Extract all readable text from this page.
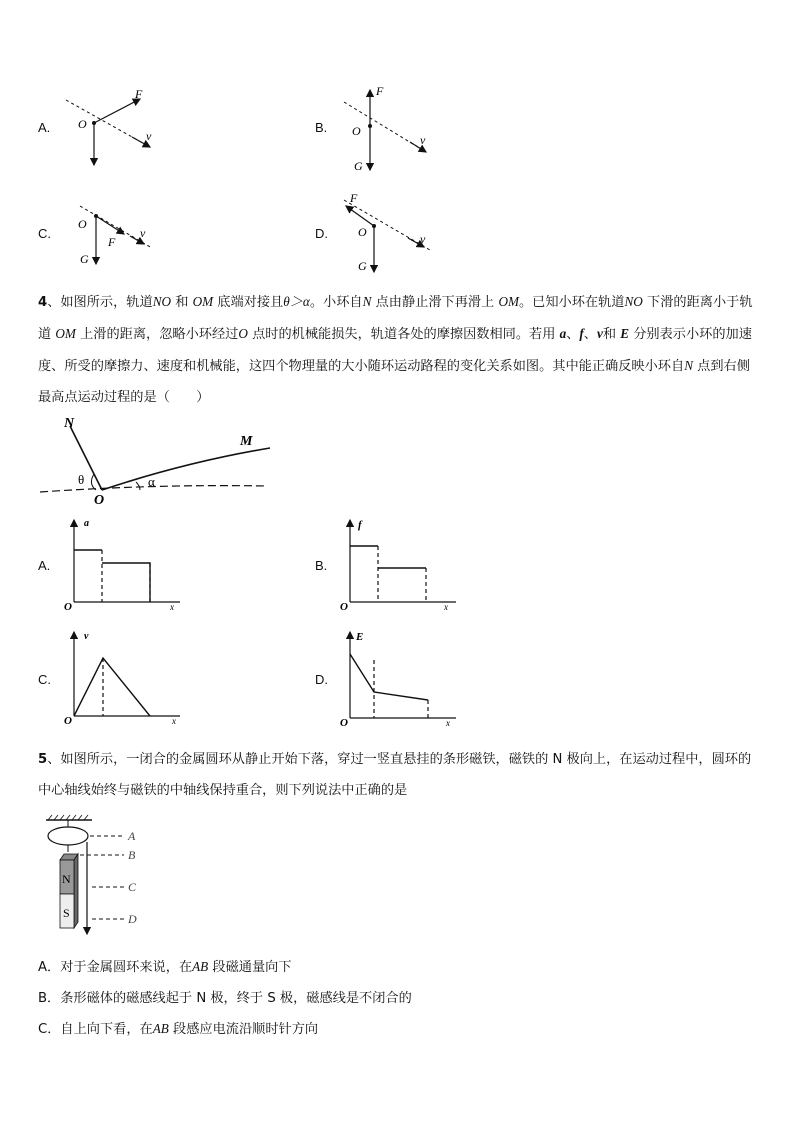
A.
F
O
v
B.
F
O
v
G
C.
O
v
F
G
D.
F
O	v
G
4、如图所示，轨道NO 和 OM 底端对接且θ＞α。小环自N 点由静止滑下再滑上 OM。已知小环在轨道NO 下滑的距离小于轨道 OM 上滑的距离，忽略小环经过O 点时的机械能损失，轨道各处的摩擦因数相同。若用 a、f、v和 E 分别表示小环的加速度、所受的摩擦力、速度和机械能，这四个物理量的大小随环运动路程的变化关系如图。其中能正确反映小环自N 点到右侧最高点运动过程的是（　　）
N
M
O
θ	α
A.
a
O	x
B.
f
O	x
C.
v
O	x
D.
E
O	x
5、如图所示，一闭合的金属圆环从静止开始下落，穿过一竖直悬挂的条形磁铁，磁铁的 N 极向上，在运动过程中，圆环的中心轴线始终与磁铁的中轴线保持重合，则下列说法中正确的是
N
S
A
B
C
D
A．对于金属圆环来说，在AB 段磁通量向下
B．条形磁体的磁感线起于 N 极，终于 S 极，磁感线是不闭合的
C．自上向下看，在AB 段感应电流沿顺时针方向
